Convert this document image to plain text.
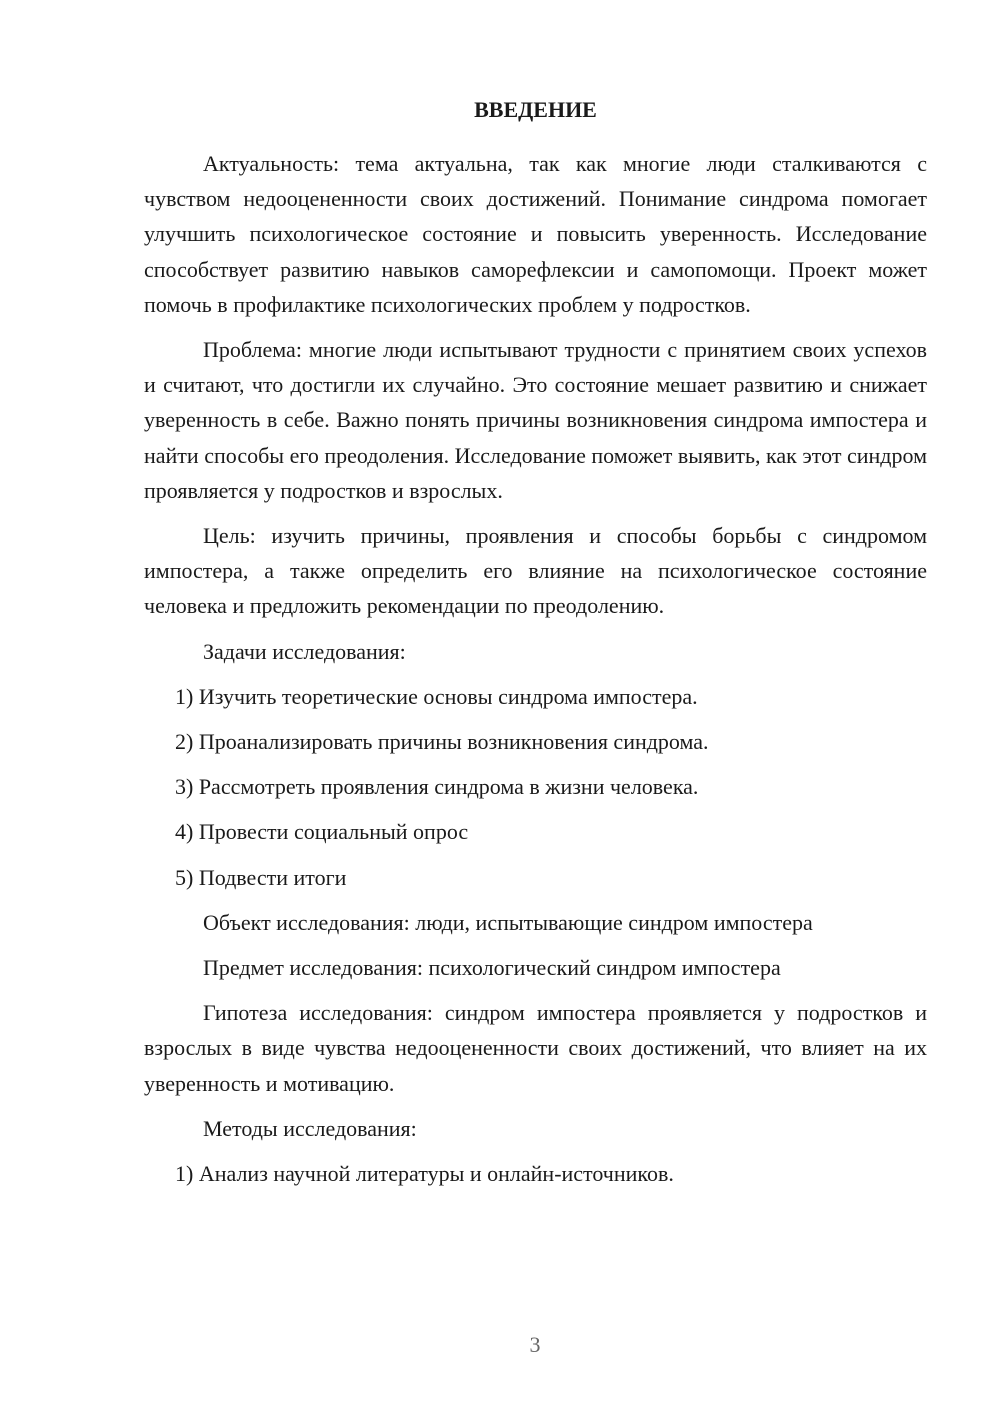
ВВЕДЕНИЕ

Актуальность: тема актуальна, так как многие люди сталкиваются с чувством недооцененности своих достижений. Понимание синдрома помогает улучшить психологическое состояние и повысить уверенность. Исследование способствует развитию навыков саморефлексии и самопомощи. Проект может помочь в профилактике психологических проблем у подростков.

Проблема: многие люди испытывают трудности с принятием своих успехов и считают, что достигли их случайно. Это состояние мешает развитию и снижает уверенность в себе. Важно понять причины возникновения синдрома импостера и найти способы его преодоления. Исследование поможет выявить, как этот синдром проявляется у подростков и взрослых.

Цель: изучить причины, проявления и способы борьбы с синдромом импостера, а также определить его влияние на психологическое состояние человека и предложить рекомендации по преодолению.

Задачи исследования:
1) Изучить теоретические основы синдрома импостера.
2) Проанализировать причины возникновения синдрома.
3) Рассмотреть проявления синдрома в жизни человека.
4) Провести социальный опрос
5) Подвести итоги
Объект исследования: люди, испытывающие синдром импостера
Предмет исследования: психологический синдром импостера

Гипотеза исследования: синдром импостера проявляется у подростков и взрослых в виде чувства недооцененности своих достижений, что влияет на их уверенность и мотивацию.

Методы исследования:
1) Анализ научной литературы и онлайн-источников.
3
